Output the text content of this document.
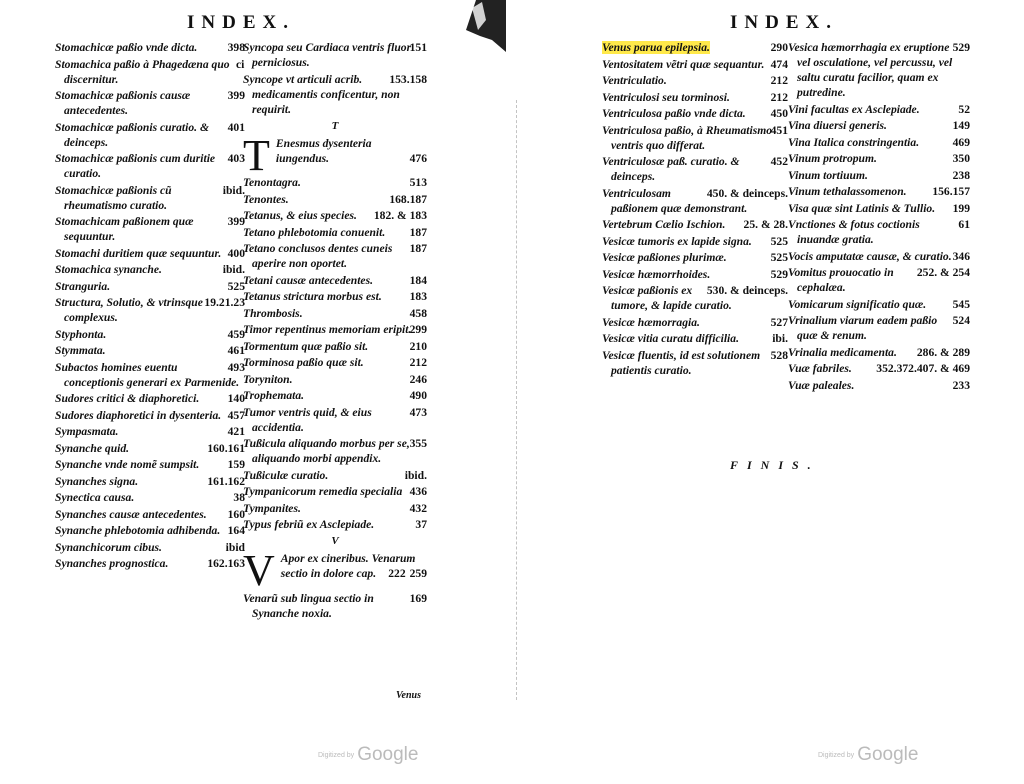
INDEX.
398
Stomachicæ paßio vnde dicta.
ci
Stomachica paßio à Phagedæna quo discernitur.
399
Stomachicæ paßionis causæ antecedentes.
401
Stomachicæ paßionis curatio. & deinceps.
403
Stomachicæ paßionis cum duritie curatio.
ibid.
Stomachicæ paßionis cũ rheumatismo curatio.
399
Stomachicam paßionem quæ sequuntur.
400
Stomachi duritiem quæ sequuntur.
ibid.
Stomachica synanche.
525
Stranguria.
19.21.23
Structura, Solutio, & vtrinsque complexus.
459
Styphonta.
461
Stymmata.
493
Subactos homines euentu conceptionis generari ex Parmenide.
140
Sudores critici & diaphoretici.
457
Sudores diaphoretici in dysenteria.
421
Sympasmata.
160.161
Synanche quid.
159
Synanche vnde nomẽ sumpsit.
161.162
Synanches signa.
38
Synectica causa.
160
Synanches causæ antecedentes.
164
Synanche phlebotomia adhibenda.
ibid
Synanchicorum cibus.
162.163
Synanches prognostica.
151
Syncopa seu Cardiaca ventris fluor perniciosus.
153.158
Syncope vt articuli acrib. medicamentis conficentur, non requirit.
T
T Enesmus dysenteria iungendus.	476
513
Tenontagra.
168.187
Tenontes.
182. & 183
Tetanus, & eius species.
187
Tetano phlebotomia conuenit.
187
Tetano conclusos dentes cuneis aperire non oportet.
184
Tetani causæ antecedentes.
183
Tetanus strictura morbus est.
458
Thrombosis.
299
Timor repentinus memoriam eripit.
210
Tormentum quæ paßio sit.
212
Torminosa paßio quæ sit.
246
Toryniton.
490
Trophemata.
473
Tumor ventris quid, & eius accidentia.
355
Tußicula aliquando morbus per se, aliquando morbi appendix.
ibid.
Tußiculæ curatio.
436
Tympanicorum remedia specialia
432
Tympanites.
37
Typus febriũ ex Asclepiade.
V
V Apor ex cineribus. Venarum sectio in dolore cap.	259
222
169
Venarũ sub lingua sectio in Synanche noxia.
Venus
Digitized by Google
INDEX.
290
Venus parua epilepsia.
474
Ventositatem vẽtri quæ sequantur.
212
Ventriculatio.
212
Ventriculosi seu torminosi.
450
Ventriculosa paßio vnde dicta.
451
Ventriculosa paßio, à Rheumatismo ventris quo differat.
452
Ventriculosæ paß. curatio. & deinceps.
450. & deinceps.
Ventriculosam paßionem quæ demonstrant.
25. & 28.
Vertebrum Cælio Ischion.
525
Vesicæ tumoris ex lapide signa.
525
Vesicæ paßiones plurimæ.
529
Vesicæ hæmorrhoides.
530. & deinceps.
Vesicæ paßionis ex tumore, & lapide curatio.
527
Vesicæ hæmorragia.
ibi.
Vesicæ vitia curatu difficilia.
528
Vesicæ fluentis, id est solutionem patientis curatio.
529
Vesica hæmorrhagia ex eruptione vel osculatione, vel percussu, vel saltu curatu facilior, quam ex putredine.
52
Vini facultas ex Asclepiade.
149
Vina diuersi generis.
469
Vina Italica constringentia.
350
Vinum protropum.
238
Vinum tortiuum.
156.157
Vinum tethalassomenon.
199
Visa quæ sint Latinis & Tullio.
61
Vnctiones & fotus coctionis inuandæ gratia.
346
Vocis amputatæ causæ, & curatio.
252. & 254
Vomitus prouocatio in cephalæa.
545
Vomicarum significatio quæ.
524
Vrinalium viarum eadem paßio quæ & renum.
286. & 289
Vrinalia medicamenta.
352.372.407. & 469
Vuæ fabriles.
233
Vuæ paleales.
FINIS.
Digitized by Google
